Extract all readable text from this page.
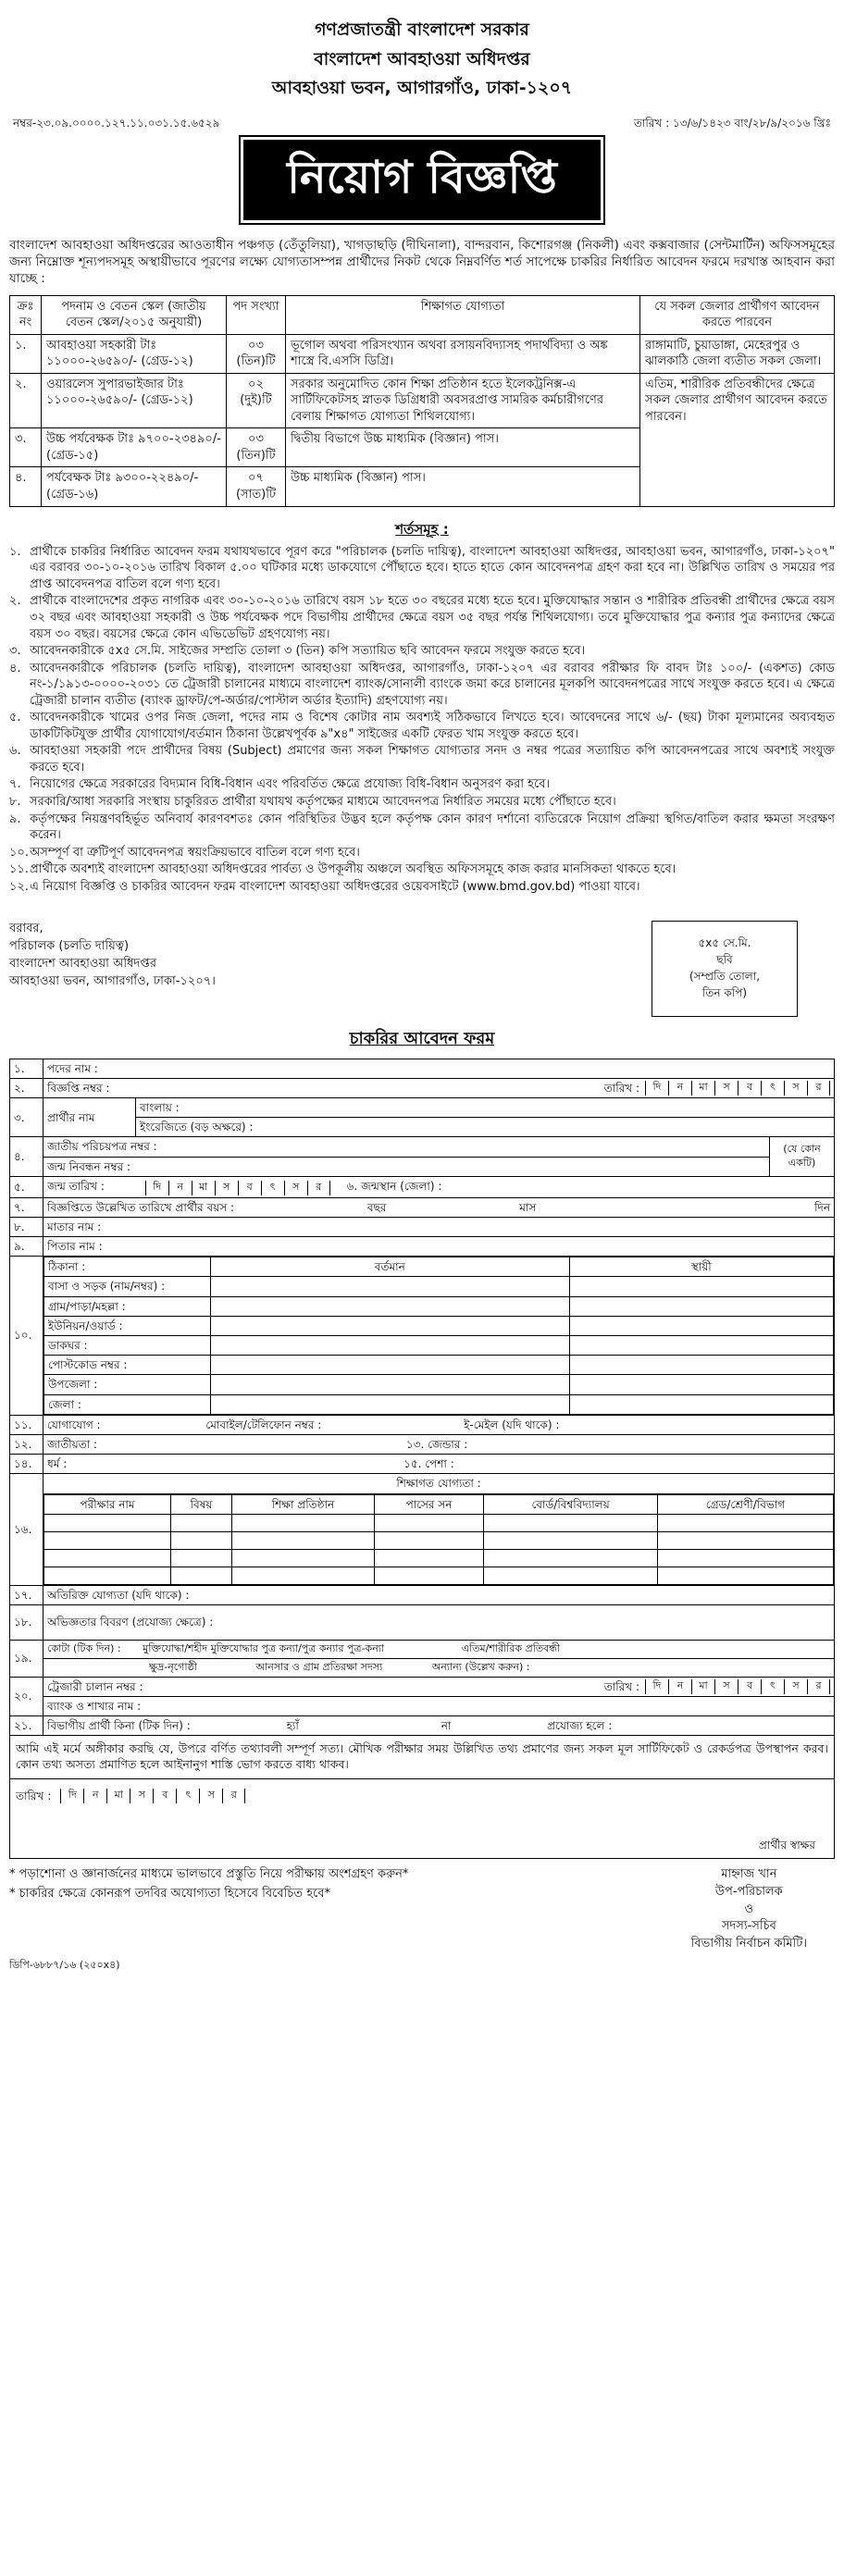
গণপ্রজাতন্ত্রী বাংলাদেশ সরকার
বাংলাদেশ আবহাওয়া অধিদপ্তর
আবহাওয়া ভবন, আগারগাঁও, ঢাকা-১২০৭
নম্বর-২৩.০৯.০০০০.১২৭.১১.০৩১.১৫.৬৫২৯	তারিখ : ১৩/৬/১৪২৩ বাং/২৮/৯/২০১৬ খ্রিঃ
নিয়োগ বিজ্ঞপ্তি

বাংলাদেশ আবহাওয়া অধিদপ্তরের আওতাধীন পঞ্চগড় (তেঁতুলিয়া), খাগড়াছড়ি (দীঘিনালা), বান্দরবান, কিশোরগঞ্জ (নিকলী) এবং কক্সবাজার (সেন্টমার্টিন) অফিসসমূহের জন্য নিম্নোক্ত শূন্যপদসমূহ অস্থায়ীভাবে পূরণের লক্ষ্যে যোগ্যতাসম্পন্ন প্রার্থীদের নিকট থেকে নিম্নবর্ণিত শর্ত সাপেক্ষে চাকরির নির্ধারিত আবেদন ফরমে দরখাস্ত আহবান করা যাচ্ছে :

ক্রঃ নং	পদনাম ও বেতন স্কেল (জাতীয় বেতন স্কেল/২০১৫ অনুযায়ী)	পদ সংখ্যা	শিক্ষাগত যোগ্যতা	যে সকল জেলার প্রার্থীগণ আবেদন করতে পারবেন
১.	আবহাওয়া সহকারী টাঃ ১১০০০-২৬৫৯০/- (গ্রেড-১২)	০৩ (তিন)টি	ভূগোল অথবা পরিসংখ্যান অথবা রসায়নবিদ্যাসহ পদার্থবিদ্যা ও অঙ্ক শাস্ত্রে বি.এসসি ডিগ্রি।	রাঙ্গামাটি, চুয়াডাঙ্গা, মেহেরপুর ও ঝালকাঠি জেলা ব্যতীত সকল জেলা।
২.	ওয়ারলেস সুপারভাইজার টাঃ ১১০০০-২৬৫৯০/- (গ্রেড-১২)	০২ (দুই)টি	সরকার অনুমোদিত কোন শিক্ষা প্রতিষ্ঠান হতে ইলেকট্রনিক্স-এ সার্টিফিকেটসহ স্নাতক ডিগ্রিধারী অবসরপ্রাপ্ত সামরিক কর্মচারীগণের বেলায় শিক্ষাগত যোগ্যতা শিথিলযোগ্য।	এতিম, শারীরিক প্রতিবন্ধীদের ক্ষেত্রে সকল জেলার প্রার্থীগণ আবেদন করতে পারবেন।
৩.	উচ্চ পর্যবেক্ষক টাঃ ৯৭০০-২৩৪৯০/- (গ্রেড-১৫)	০৩ (তিন)টি	দ্বিতীয় বিভাগে উচ্চ মাধ্যমিক (বিজ্ঞান) পাস।	
৪.	পর্যবেক্ষক টাঃ ৯৩০০-২২৪৯০/- (গ্রেড-১৬)	০৭ (সাত)টি	উচ্চ মাধ্যমিক (বিজ্ঞান) পাস।	
শর্তসমূহ :
১. প্রার্থীকে চাকরির নির্ধারিত আবেদন ফরম যথাযথভাবে পূরণ করে "পরিচালক (চলতি দায়িত্ব), বাংলাদেশ আবহাওয়া অধিদপ্তর, আবহাওয়া ভবন, আগারগাঁও, ঢাকা-১২০৭" এর বরাবর ৩০-১০-২০১৬ তারিখ বিকাল ৫.০০ ঘটিকার মধ্যে ডাকযোগে পৌঁছাতে হবে। হাতে হাতে কোন আবেদনপত্র গ্রহণ করা হবে না। উল্লিখিত তারিখ ও সময়ের পর প্রাপ্ত আবেদনপত্র বাতিল বলে গণ্য হবে।
২. প্রার্থীকে বাংলাদেশের প্রকৃত নাগরিক এবং ৩০-১০-২০১৬ তারিখে বয়স ১৮ হতে ৩০ বছরের মধ্যে হতে হবে। মুক্তিযোদ্ধার সন্তান ও শারীরিক প্রতিবন্ধী প্রার্থীদের ক্ষেত্রে বয়স ৩২ বছর এবং আবহাওয়া সহকারী ও উচ্চ পর্যবেক্ষক পদে বিভাগীয় প্রার্থীদের ক্ষেত্রে বয়স ৩৫ বছর পর্যন্ত শিথিলযোগ্য। তবে মুক্তিযোদ্ধার পুত্র কন্যার পুত্র কন্যাদের ক্ষেত্রে বয়স ৩০ বছর। বয়সের ক্ষেত্রে কোন এভিডেভিট গ্রহণযোগ্য নয়।
৩. আবেদনকারীকে ৫x৫ সে.মি. সাইজের সম্প্রতি তোলা ৩ (তিন) কপি সত্যায়িত ছবি আবেদন ফরমে সংযুক্ত করতে হবে।
৪. আবেদনকারীকে পরিচালক (চলতি দায়িত্ব), বাংলাদেশ আবহাওয়া অধিদপ্তর, আগারগাঁও, ঢাকা-১২০৭ এর বরাবর পরীক্ষার ফি বাবদ টাঃ ১০০/- (একশত) কোড নং-১/১৯১৩-০০০০-২০৩১ তে ট্রেজারী চালানের মাধ্যমে বাংলাদেশ ব্যাংক/সোনালী ব্যাংকে জমা করে চালানের মূলকপি আবেদনপত্রের সাথে সংযুক্ত করতে হবে। এ ক্ষেত্রে ট্রেজারী চালান ব্যতীত (ব্যাংক ড্রাফট/পে-অর্ডার/পোস্টাল অর্ডার ইত্যাদি) গ্রহণযোগ্য নয়।
৫. আবেদনকারীকে খামের ওপর নিজ জেলা, পদের নাম ও বিশেষ কোটার নাম অবশ্যই সঠিকভাবে লিখতে হবে। আবেদনের সাথে ৬/- (ছয়) টাকা মূল্যমানের অব্যবহৃত ডাকটিকিটযুক্ত প্রার্থীর যোগাযোগ/বর্তমান ঠিকানা উল্লেখপূর্বক ৯"x৪" সাইজের একটি ফেরত খাম সংযুক্ত করতে হবে।
৬. আবহাওয়া সহকারী পদে প্রার্থীদের বিষয় (Subject) প্রমাণের জন্য সকল শিক্ষাগত যোগ্যতার সনদ ও নম্বর পত্রের সত্যায়িত কপি আবেদনপত্রের সাথে অবশ্যই সংযুক্ত করতে হবে।
৭. নিয়োগের ক্ষেত্রে সরকারের বিদ্যমান বিধি-বিধান এবং পরিবর্তিত ক্ষেত্রে প্রযোজ্য বিধি-বিধান অনুসরণ করা হবে।
৮. সরকারি/আধা সরকারি সংস্থায় চাকুরিরত প্রার্থীরা যথাযথ কর্তৃপক্ষের মাধ্যমে আবেদনপত্র নির্ধারিত সময়ের মধ্যে পৌঁছাতে হবে।
৯. কর্তৃপক্ষের নিয়ন্ত্রণবহির্ভূত অনিবার্য কারণবশতঃ কোন পরিস্থিতির উদ্ভব হলে কর্তৃপক্ষ কোন কারণ দর্শানো ব্যতিরেকে নিয়োগ প্রক্রিয়া স্থগিত/বাতিল করার ক্ষমতা সংরক্ষণ করেন।
১০. অসম্পূর্ণ বা ত্রুটিপূর্ণ আবেদনপত্র স্বয়ংক্রিয়ভাবে বাতিল বলে গণ্য হবে।
১১. প্রার্থীকে অবশ্যই বাংলাদেশ আবহাওয়া অধিদপ্তরের পার্বত্য ও উপকূলীয় অঞ্চলে অবস্থিত অফিসসমূহে কাজ করার মানসিকতা থাকতে হবে।
১২. এ নিয়োগ বিজ্ঞপ্তি ও চাকরির আবেদন ফরম বাংলাদেশ আবহাওয়া অধিদপ্তরের ওয়েবসাইটে (www.bmd.gov.bd) পাওয়া যাবে।
বরাবর,
পরিচালক (চলতি দায়িত্ব)
বাংলাদেশ আবহাওয়া অধিদপ্তর
আবহাওয়া ভবন, আগারগাঁও, ঢাকা-১২০৭।
৫x৫ সে.মি.
ছবি
(সম্প্রতি তোলা,
তিন কপি)
চাকরির আবেদন ফরম
১.	পদের নাম :
২.	বিজ্ঞপ্তি নম্বর :	তারিখ :	দি	ন	মা	স	ব	ৎ	স	র

৩.	প্রার্থীর নাম	বাংলায় :
ইংরেজিতে (বড় অক্ষরে) :
৪.	জাতীয় পরিচয়পত্র নম্বর :	(যে কোন একটি)
জন্ম নিবন্ধন নম্বর :
৫.	জন্ম তারিখ :	দি	ন	মা	স	ব	ৎ	স	র	৬. জন্মস্থান (জেলা) :
৭.	বিজ্ঞপ্তিতে উল্লেখিত তারিখে প্রার্থীর বয়স :	বছর	মাস	দিন

৮.	মাতার নাম :
৯.	পিতার নাম :
১০.	
ঠিকানা :	বর্তমান	স্থায়ী
বাসা ও সড়ক (নাম/নম্বর) :		
গ্রাম/পাড়া/মহল্লা :		
ইউনিয়ন/ওয়ার্ড :		
ডাকঘর :		
পোস্টকোড নম্বর :		
উপজেলা :		
জেলা :		

১১.	যোগাযোগ :	মোবাইল/টেলিফোন নম্বর :	ই-মেইল (যদি থাকে) :
১২.	জাতীয়তা :	১৩. জেন্ডার :
১৪.	ধর্ম :	১৫. পেশা :
১৬.	
শিক্ষাগত যোগ্যতা :
পরীক্ষার নাম	বিষয়	শিক্ষা প্রতিষ্ঠান	পাসের সন	বোর্ড/বিশ্ববিদ্যালয়	গ্রেড/শ্রেণী/বিভাগ

১৭.	অতিরিক্ত যোগ্যতা (যদি থাকে) :
১৮.	অভিজ্ঞতার বিবরণ (প্রযোজ্য ক্ষেত্রে) :
১৯.	কোটা (টিক দিন) : মুক্তিযোদ্ধা/শহীদ মুক্তিযোদ্ধার পুত্র কন্যা/পুত্র কন্যার পুত্র-কন্যা	এতিম/শারীরিক প্রতিবন্ধী
ক্ষুদ্র-নৃগোষ্ঠী	আনসার ও গ্রাম প্রতিরক্ষা সদস্য	অন্যান্য (উল্লেখ করুন) :
২০.	ট্রেজারী চালান নম্বর :	তারিখ :	দি	ন	মা	স	ব	ৎ	স	র

ব্যাংক ও শাখার নাম :
২১.	বিভাগীয় প্রার্থী কিনা (টিক দিন) :	হ্যাঁ	না	প্রযোজ্য হলে :
আমি এই মর্মে অঙ্গীকার করছি যে, উপরে বর্ণিত তথ্যাবলী সম্পূর্ণ সত্য। মৌখিক পরীক্ষার সময় উল্লিখিত তথ্য প্রমাণের জন্য সকল মূল সার্টিফিকেট ও রেকর্ডপত্র উপস্থাপন করব। কোন তথ্য অসত্য প্রমাণিত হলে আইনানুগ শাস্তি ভোগ করতে বাধ্য থাকব।
তারিখ :	দি	ন	মা	স	ব	ৎ	স	র
প্রার্থীর স্বাক্ষর
* পড়াশোনা ও জ্ঞানার্জনের মাধ্যমে ভালভাবে প্রস্তুতি নিয়ে পরীক্ষায় অংশগ্রহণ করুন*
* চাকরির ক্ষেত্রে কোনরূপ তদবির অযোগ্যতা হিসেবে বিবেচিত হবে*
মাহ্নাজ খান
উপ-পরিচালক
ও
সদস্য-সচিব
বিভাগীয় নির্বাচন কমিটি।
ডিপি-৬৮৮৭/১৬ (২৫০x৪)
